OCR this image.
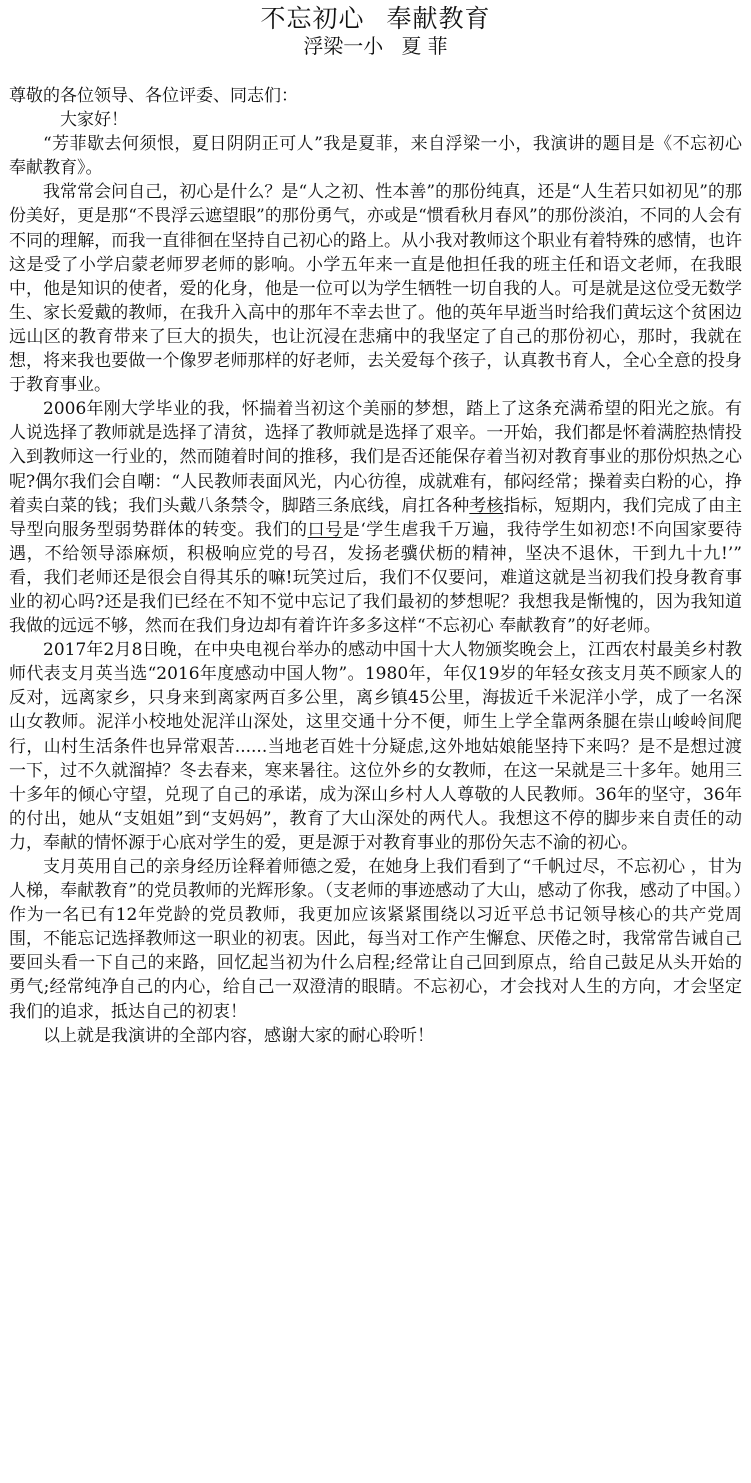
不忘初心 奉献教育
浮梁一小 夏 菲

尊敬的各位领导、各位评委、同志们：

大家好！

“芳菲歇去何须恨，夏日阴阴正可人”我是夏菲，来自浮梁一小，我演讲的题目是《不忘初心 奉献教育》。

我常常会问自己，初心是什么？是“人之初、性本善”的那份纯真，还是“人生若只如初见”的那份美好，更是那“不畏浮云遮望眼”的那份勇气，亦或是“惯看秋月春风”的那份淡泊，不同的人会有不同的理解，而我一直徘徊在坚持自己初心的路上。从小我对教师这个职业有着特殊的感情，也许这是受了小学启蒙老师罗老师的影响。小学五年来一直是他担任我的班主任和语文老师，在我眼中，他是知识的使者，爱的化身，他是一位可以为学生牺牲一切自我的人。可是就是这位受无数学生、家长爱戴的教师，在我升入高中的那年不幸去世了。他的英年早逝当时给我们黄坛这个贫困边远山区的教育带来了巨大的损失，也让沉浸在悲痛中的我坚定了自己的那份初心，那时，我就在想，将来我也要做一个像罗老师那样的好老师，去关爱每个孩子，认真教书育人，全心全意的投身于教育事业。

2006年刚大学毕业的我，怀揣着当初这个美丽的梦想，踏上了这条充满希望的阳光之旅。有人说选择了教师就是选择了清贫，选择了教师就是选择了艰辛。一开始，我们都是怀着满腔热情投入到教师这一行业的，然而随着时间的推移，我们是否还能保存着当初对教育事业的那份炽热之心呢?偶尔我们会自嘲：“人民教师表面风光，内心彷徨，成就难有，郁闷经常；操着卖白粉的心，挣着卖白菜的钱；我们头戴八条禁令，脚踏三条底线，肩扛各种考核指标，短期内，我们完成了由主导型向服务型弱势群体的转变。我们的口号是‘学生虐我千万遍，我待学生如初恋!不向国家要待遇，不给领导添麻烦，积极响应党的号召，发扬老骥伏枥的精神，坚决不退休，干到九十九!’” 看，我们老师还是很会自得其乐的嘛!玩笑过后，我们不仅要问，难道这就是当初我们投身教育事业的初心吗?还是我们已经在不知不觉中忘记了我们最初的梦想呢？我想我是惭愧的，因为我知道我做的远远不够，然而在我们身边却有着许许多多这样“不忘初心 奉献教育”的好老师。

2017年2月8日晚，在中央电视台举办的感动中国十大人物颁奖晚会上，江西农村最美乡村教师代表支月英当选“2016年度感动中国人物”。1980年，年仅19岁的年轻女孩支月英不顾家人的反对，远离家乡，只身来到离家两百多公里，离乡镇45公里，海拔近千米泥洋小学，成了一名深山女教师。泥洋小校地处泥洋山深处，这里交通十分不便，师生上学全靠两条腿在崇山峻岭间爬行，山村生活条件也异常艰苦......当地老百姓十分疑虑,这外地姑娘能坚持下来吗？是不是想过渡一下，过不久就溜掉？冬去春来，寒来暑往。这位外乡的女教师，在这一呆就是三十多年。她用三十多年的倾心守望，兑现了自己的承诺，成为深山乡村人人尊敬的人民教师。36年的坚守，36年的付出，她从“支姐姐”到“支妈妈”，教育了大山深处的两代人。我想这不停的脚步来自责任的动力，奉献的情怀源于心底对学生的爱，更是源于对教育事业的那份矢志不渝的初心。

支月英用自己的亲身经历诠释着师德之爱，在她身上我们看到了“千帆过尽，不忘初心 ，甘为人梯，奉献教育”的党员教师的光辉形象。（支老师的事迹感动了大山，感动了你我，感动了中国。）作为一名已有12年党龄的党员教师，我更加应该紧紧围绕以习近平总书记领导核心的共产党周围，不能忘记选择教师这一职业的初衷。因此，每当对工作产生懈怠、厌倦之时，我常常告诫自己要回头看一下自己的来路，回忆起当初为什么启程;经常让自己回到原点，给自己鼓足从头开始的勇气;经常纯净自己的内心，给自己一双澄清的眼睛。不忘初心，才会找对人生的方向，才会坚定我们的追求，抵达自己的初衷！

以上就是我演讲的全部内容，感谢大家的耐心聆听！
